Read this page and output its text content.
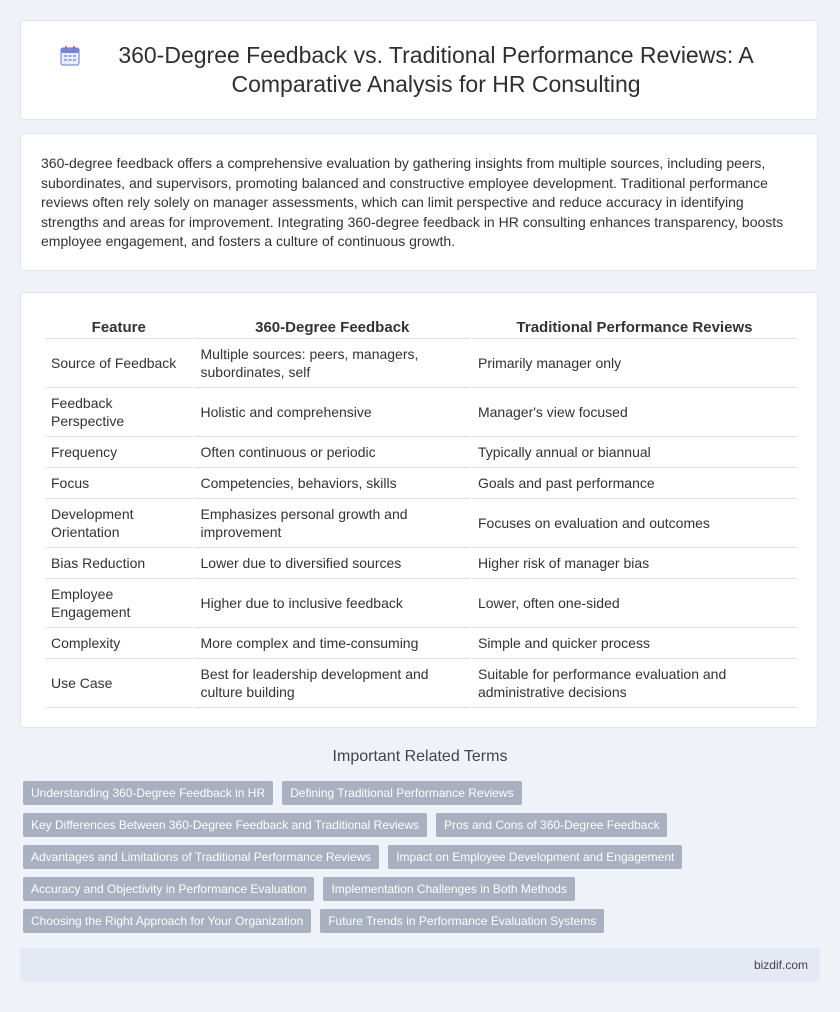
360-Degree Feedback vs. Traditional Performance Reviews: A Comparative Analysis for HR Consulting

360-degree feedback offers a comprehensive evaluation by gathering insights from multiple sources, including peers, subordinates, and supervisors, promoting balanced and constructive employee development. Traditional performance reviews often rely solely on manager assessments, which can limit perspective and reduce accuracy in identifying strengths and areas for improvement. Integrating 360-degree feedback in HR consulting enhances transparency, boosts employee engagement, and fosters a culture of continuous growth.

Feature	360-Degree Feedback	Traditional Performance Reviews
Source of Feedback	Multiple sources: peers, managers, subordinates, self	Primarily manager only
Feedback Perspective	Holistic and comprehensive	Manager's view focused
Frequency	Often continuous or periodic	Typically annual or biannual
Focus	Competencies, behaviors, skills	Goals and past performance
Development Orientation	Emphasizes personal growth and improvement	Focuses on evaluation and outcomes
Bias Reduction	Lower due to diversified sources	Higher risk of manager bias
Employee Engagement	Higher due to inclusive feedback	Lower, often one-sided
Complexity	More complex and time-consuming	Simple and quicker process
Use Case	Best for leadership development and culture building	Suitable for performance evaluation and administrative decisions
Important Related Terms
Understanding 360-Degree Feedback in HR	Defining Traditional Performance Reviews
Key Differences Between 360-Degree Feedback and Traditional Reviews	Pros and Cons of 360-Degree Feedback
Advantages and Limitations of Traditional Performance Reviews	Impact on Employee Development and Engagement
Accuracy and Objectivity in Performance Evaluation	Implementation Challenges in Both Methods
Choosing the Right Approach for Your Organization	Future Trends in Performance Evaluation Systems
bizdif.com
